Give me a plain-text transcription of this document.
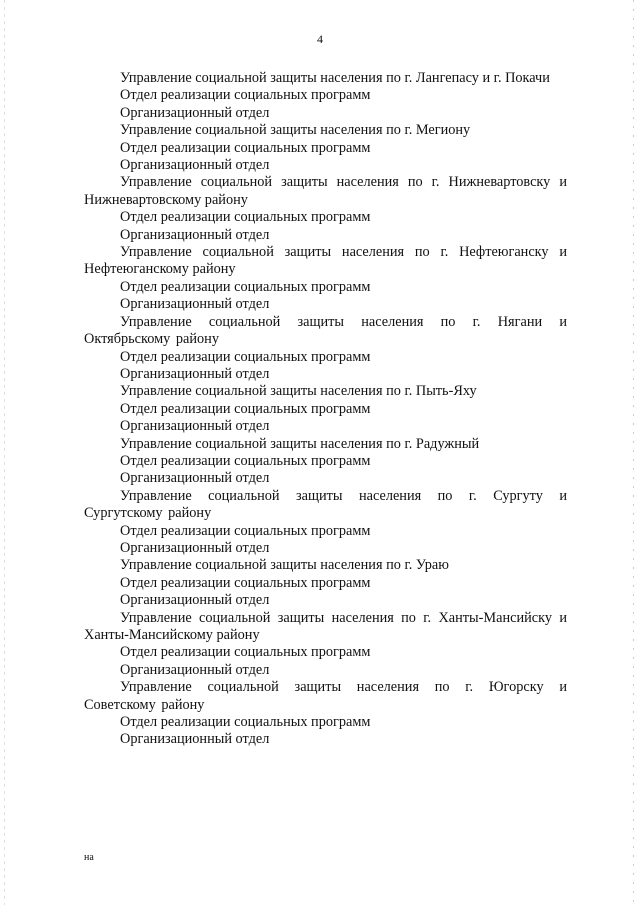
4

Управление социальной защиты населения по г. Лангепасу и г. Покачи

Отдел реализации социальных программ

Организационный отдел

Управление социальной защиты населения по г. Мегиону

Отдел реализации социальных программ

Организационный отдел

Управление социальной защиты населения по г. Нижневартовску и Нижневартовскому району

Отдел реализации социальных программ

Организационный отдел

Управление социальной защиты населения по г. Нефтеюганску и Нефтеюганскому району

Отдел реализации социальных программ

Организационный отдел

Управление социальной защиты населения по г. Нягани и Октябрьскому району

Отдел реализации социальных программ

Организационный отдел

Управление социальной защиты населения по г. Пыть-Яху

Отдел реализации социальных программ

Организационный отдел

Управление социальной защиты населения по г. Радужный

Отдел реализации социальных программ

Организационный отдел

Управление социальной защиты населения по г. Сургуту и Сургутскому району

Отдел реализации социальных программ

Организационный отдел

Управление социальной защиты населения по г. Ураю

Отдел реализации социальных программ

Организационный отдел

Управление социальной защиты населения по г. Ханты-Мансийску и Ханты-Мансийскому району

Отдел реализации социальных программ

Организационный отдел

Управление социальной защиты населения по г. Югорску и Советскому району

Отдел реализации социальных программ

Организационный отдел

на
